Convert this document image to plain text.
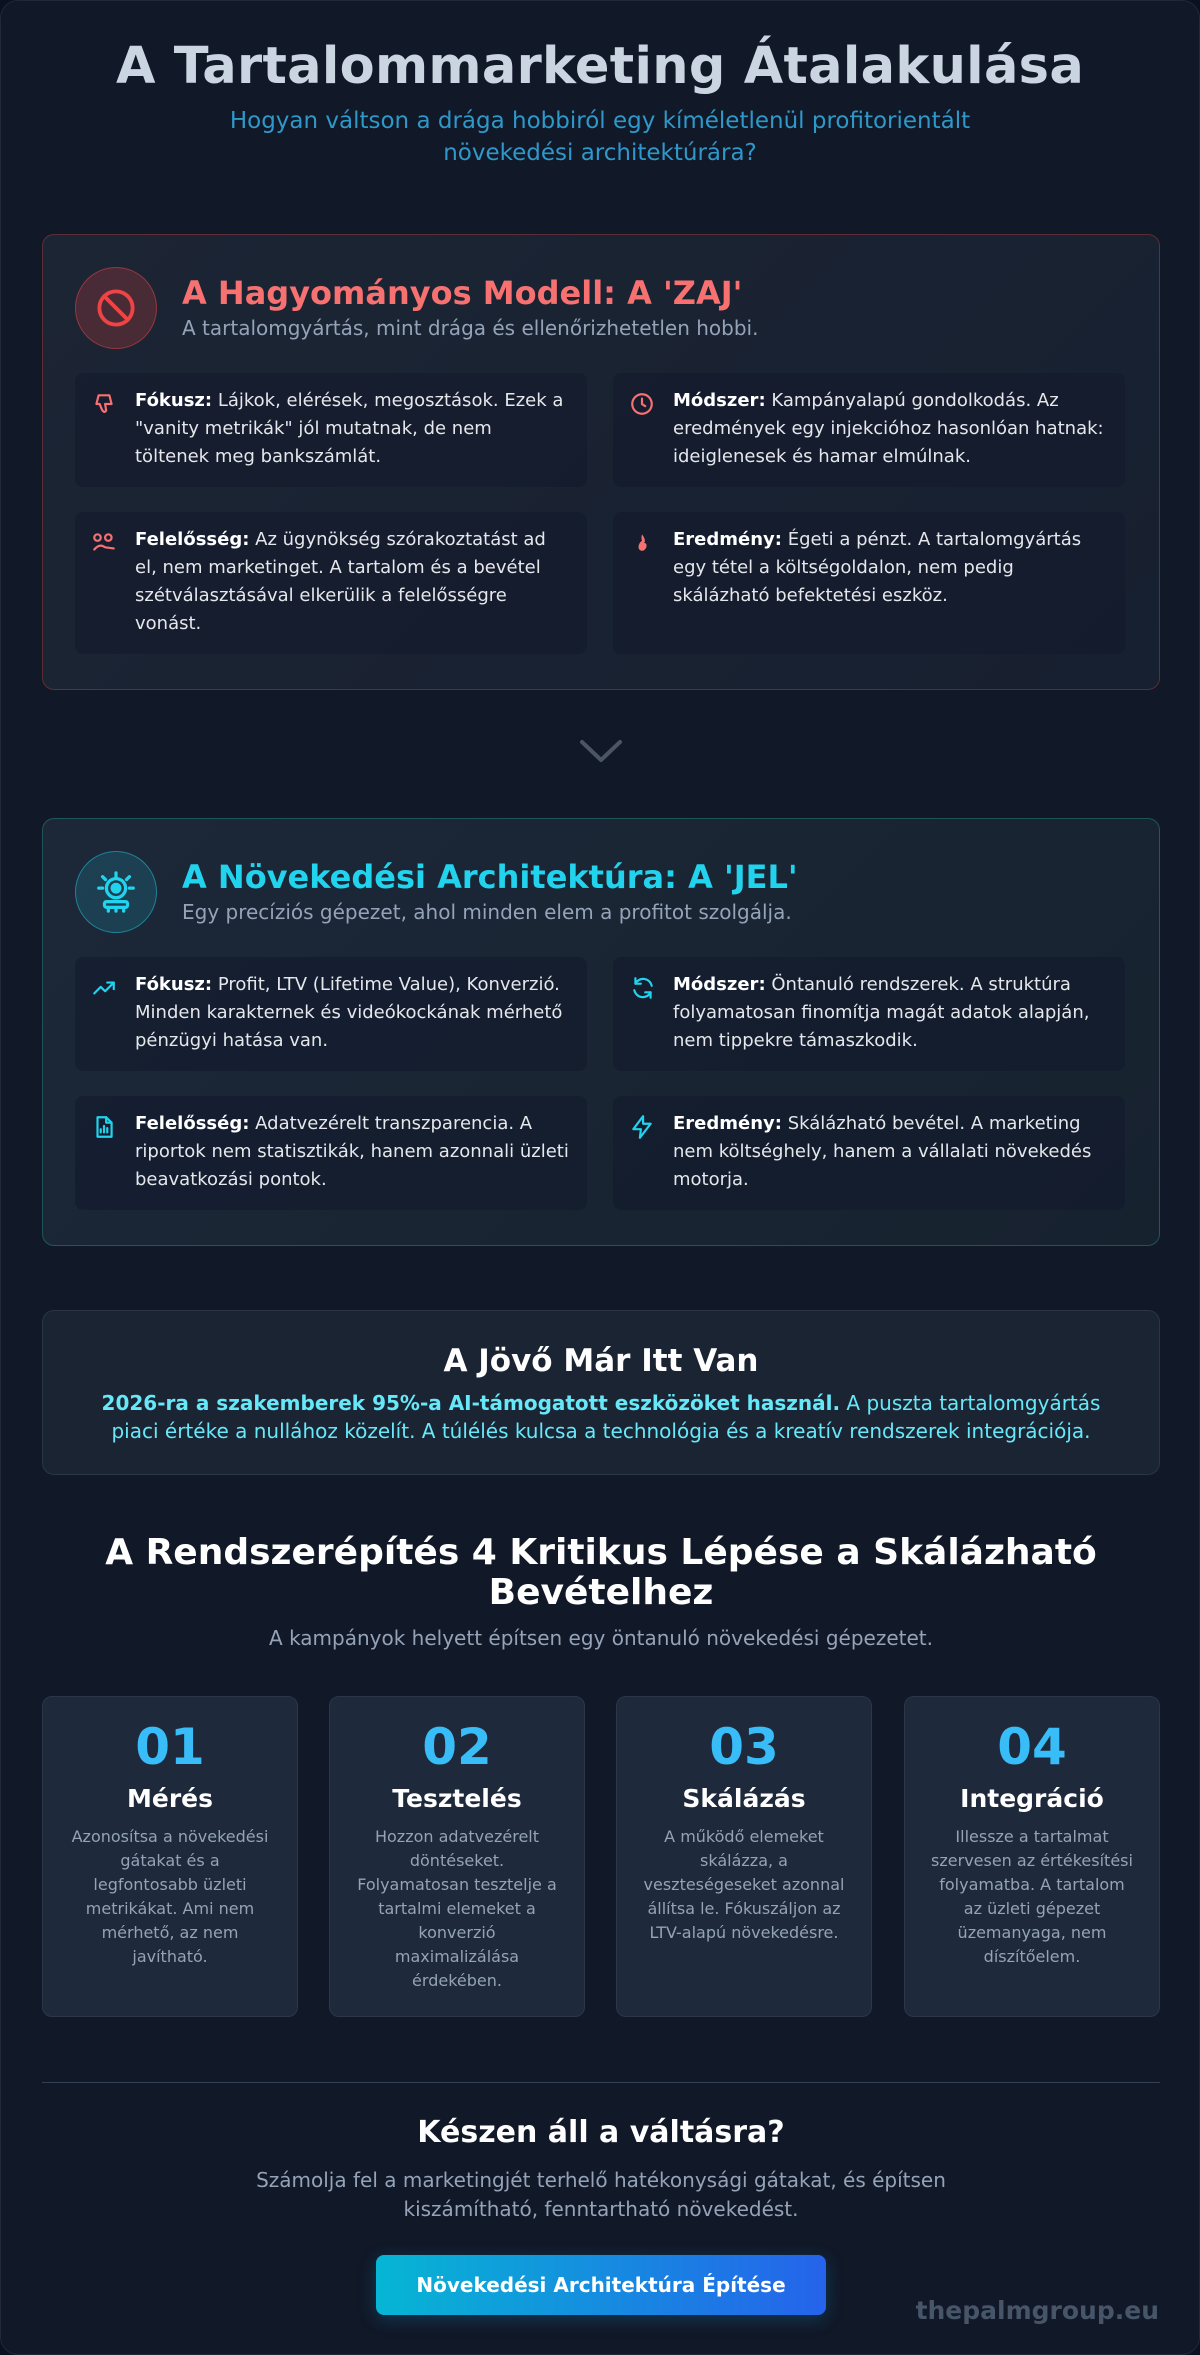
A Tartalommarketing Átalakulása

Hogyan váltson a drága hobbiról egy kíméletlenül profitorientált növekedési architektúrára?

A Hagyományos Modell: A 'ZAJ'
A tartalomgyártás, mint drága és ellenőrizhetetlen hobbi.
Fókusz: Lájkok, elérések, megosztások. Ezek a "vanity metrikák" jól mutatnak, de nem töltenek meg bankszámlát.
Módszer: Kampányalapú gondolkodás. Az eredmények egy injekcióhoz hasonlóan hatnak: ideiglenesek és hamar elmúlnak.
Felelősség: Az ügynökség szórakoztatást ad el, nem marketinget. A tartalom és a bevétel szétválasztásával elkerülik a felelősségre vonást.
Eredmény: Égeti a pénzt. A tartalomgyártás egy tétel a költségoldalon, nem pedig skálázható befektetési eszköz.
A Növekedési Architektúra: A 'JEL'
Egy precíziós gépezet, ahol minden elem a profitot szolgálja.
Fókusz: Profit, LTV (Lifetime Value), Konverzió. Minden karakternek és videókockának mérhető pénzügyi hatása van.
Módszer: Öntanuló rendszerek. A struktúra folyamatosan finomítja magát adatok alapján, nem tippekre támaszkodik.
Felelősség: Adatvezérelt transzparencia. A riportok nem statisztikák, hanem azonnali üzleti beavatkozási pontok.
Eredmény: Skálázható bevétel. A marketing nem költséghely, hanem a vállalati növekedés motorja.
A Jövő Már Itt Van

2026-ra a szakemberek 95%-a AI-támogatott eszközöket használ. A puszta tartalomgyártás piaci értéke a nullához közelít. A túlélés kulcsa a technológia és a kreatív rendszerek integrációja.

A Rendszerépítés 4 Kritikus Lépése a Skálázható Bevételhez

A kampányok helyett építsen egy öntanuló növekedési gépezetet.

01
Mérés
Azonosítsa a növekedési gátakat és a legfontosabb üzleti metrikákat. Ami nem mérhető, az nem javítható.
02
Tesztelés
Hozzon adatvezérelt döntéseket. Folyamatosan tesztelje a tartalmi elemeket a konverzió maximalizálása érdekében.
03
Skálázás
A működő elemeket skálázza, a veszteségeseket azonnal állítsa le. Fókuszáljon az LTV-alapú növekedésre.
04
Integráció
Illessze a tartalmat szervesen az értékesítési folyamatba. A tartalom az üzleti gépezet üzemanyaga, nem díszítőelem.
Készen áll a váltásra?
Számolja fel a marketingjét terhelő hatékonysági gátakat, és építsen kiszámítható, fenntartható növekedést.
Növekedési Architektúra Építése
thepalmgroup.eu
